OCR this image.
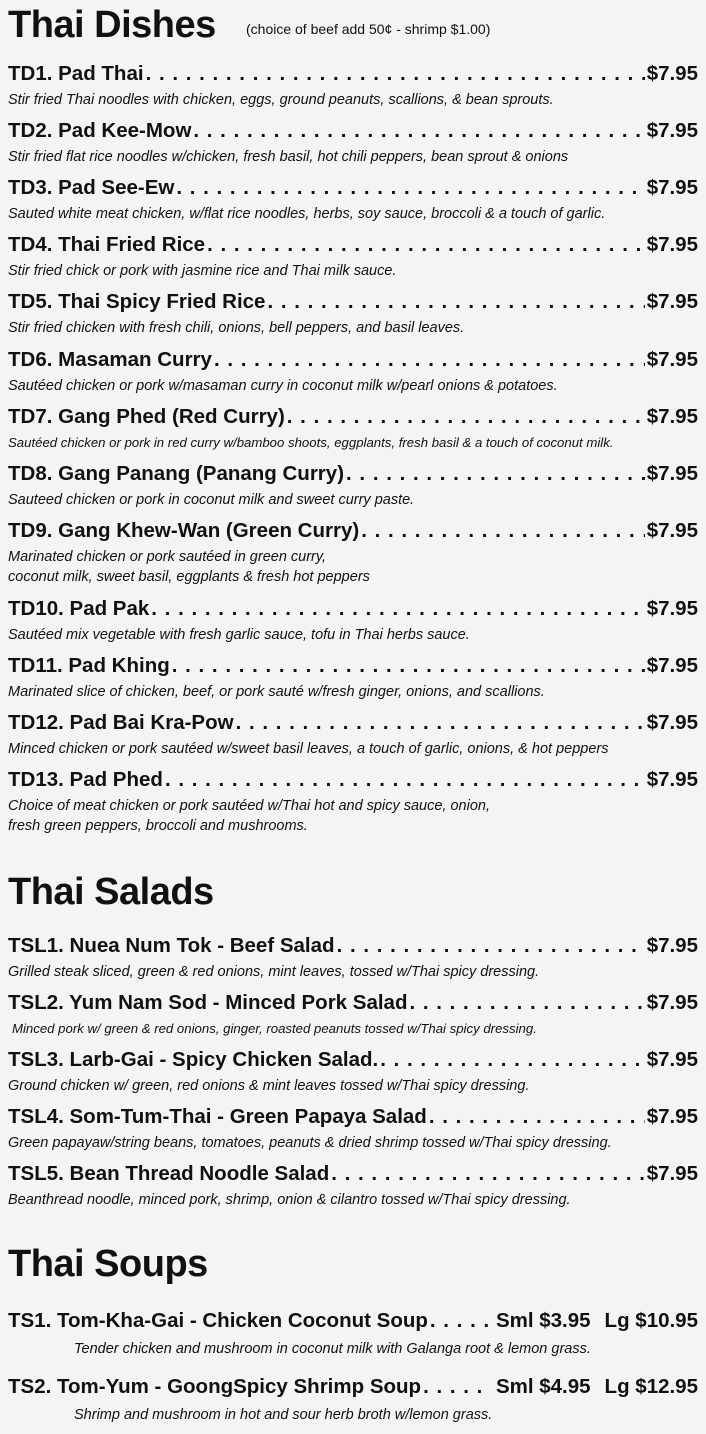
Thai Dishes (choice of beef add 50¢ - shrimp $1.00)
TD1. Pad Thai . . .	$7.95
Stir fried Thai noodles with chicken, eggs, ground peanuts, scallions, & bean sprouts.
TD2. Pad Kee-Mow . . .	$7.95
Stir fried flat rice noodles w/chicken, fresh basil, hot chili peppers, bean sprout & onions
TD3. Pad See-Ew . . .	$7.95
Sauted white meat chicken, w/flat rice noodles, herbs, soy sauce, broccoli & a touch of garlic.
TD4. Thai Fried Rice . . .	$7.95
Stir fried chick or pork with jasmine rice and Thai milk sauce.
TD5. Thai Spicy Fried Rice . . .	$7.95
Stir fried chicken with fresh chili, onions, bell peppers, and basil leaves.
TD6. Masaman Curry . . .	$7.95
Sautéed chicken or pork w/masaman curry in coconut milk w/pearl onions & potatoes.
TD7. Gang Phed (Red Curry) . . .	$7.95
Sautéed chicken or pork in red curry w/bamboo shoots, eggplants, fresh basil & a touch of coconut milk.
TD8. Gang Panang (Panang Curry) . . .	$7.95
Sauteed chicken or pork in coconut milk and sweet curry paste.
TD9. Gang Khew-Wan (Green Curry) . . .	$7.95
Marinated chicken or pork sautéed in green curry,
coconut milk, sweet basil, eggplants & fresh hot peppers
TD10. Pad Pak . . .	$7.95
Sautéed mix vegetable with fresh garlic sauce, tofu in Thai herbs sauce.
TD11. Pad Khing . . .	$7.95
Marinated slice of chicken, beef, or pork sauté w/fresh ginger, onions, and scallions.
TD12. Pad Bai Kra-Pow . . .	$7.95
Minced chicken or pork sautéed w/sweet basil leaves, a touch of garlic, onions, & hot peppers
TD13. Pad Phed . . .	$7.95
Choice of meat chicken or pork sautéed w/Thai hot and spicy sauce, onion,
fresh green peppers, broccoli and mushrooms.
Thai Salads
TSL1. Nuea Num Tok - Beef Salad . . .	$7.95
Grilled steak sliced, green & red onions, mint leaves, tossed w/Thai spicy dressing.
TSL2. Yum Nam Sod - Minced Pork Salad . . .	$7.95
Minced pork w/ green & red onions, ginger, roasted peanuts tossed w/Thai spicy dressing.
TSL3. Larb-Gai - Spicy Chicken Salad. . . .	$7.95
Ground chicken w/ green, red onions & mint leaves tossed w/Thai spicy dressing.
TSL4. Som-Tum-Thai - Green Papaya Salad . . .	$7.95
Green papayaw/string beans, tomatoes, peanuts & dried shrimp tossed w/Thai spicy dressing.
TSL5. Bean Thread Noodle Salad . . .	$7.95
Beanthread noodle, minced pork, shrimp, onion & cilantro tossed w/Thai spicy dressing.
Thai Soups
TS1. Tom-Kha-Gai - Chicken Coconut Soup . . .	Sml $3.95 Lg $10.95
Tender chicken and mushroom in coconut milk with Galanga root & lemon grass.
TS2. Tom-Yum - GoongSpicy Shrimp Soup . . .	Sml $4.95 Lg $12.95
Shrimp and mushroom in hot and sour herb broth w/lemon grass.
